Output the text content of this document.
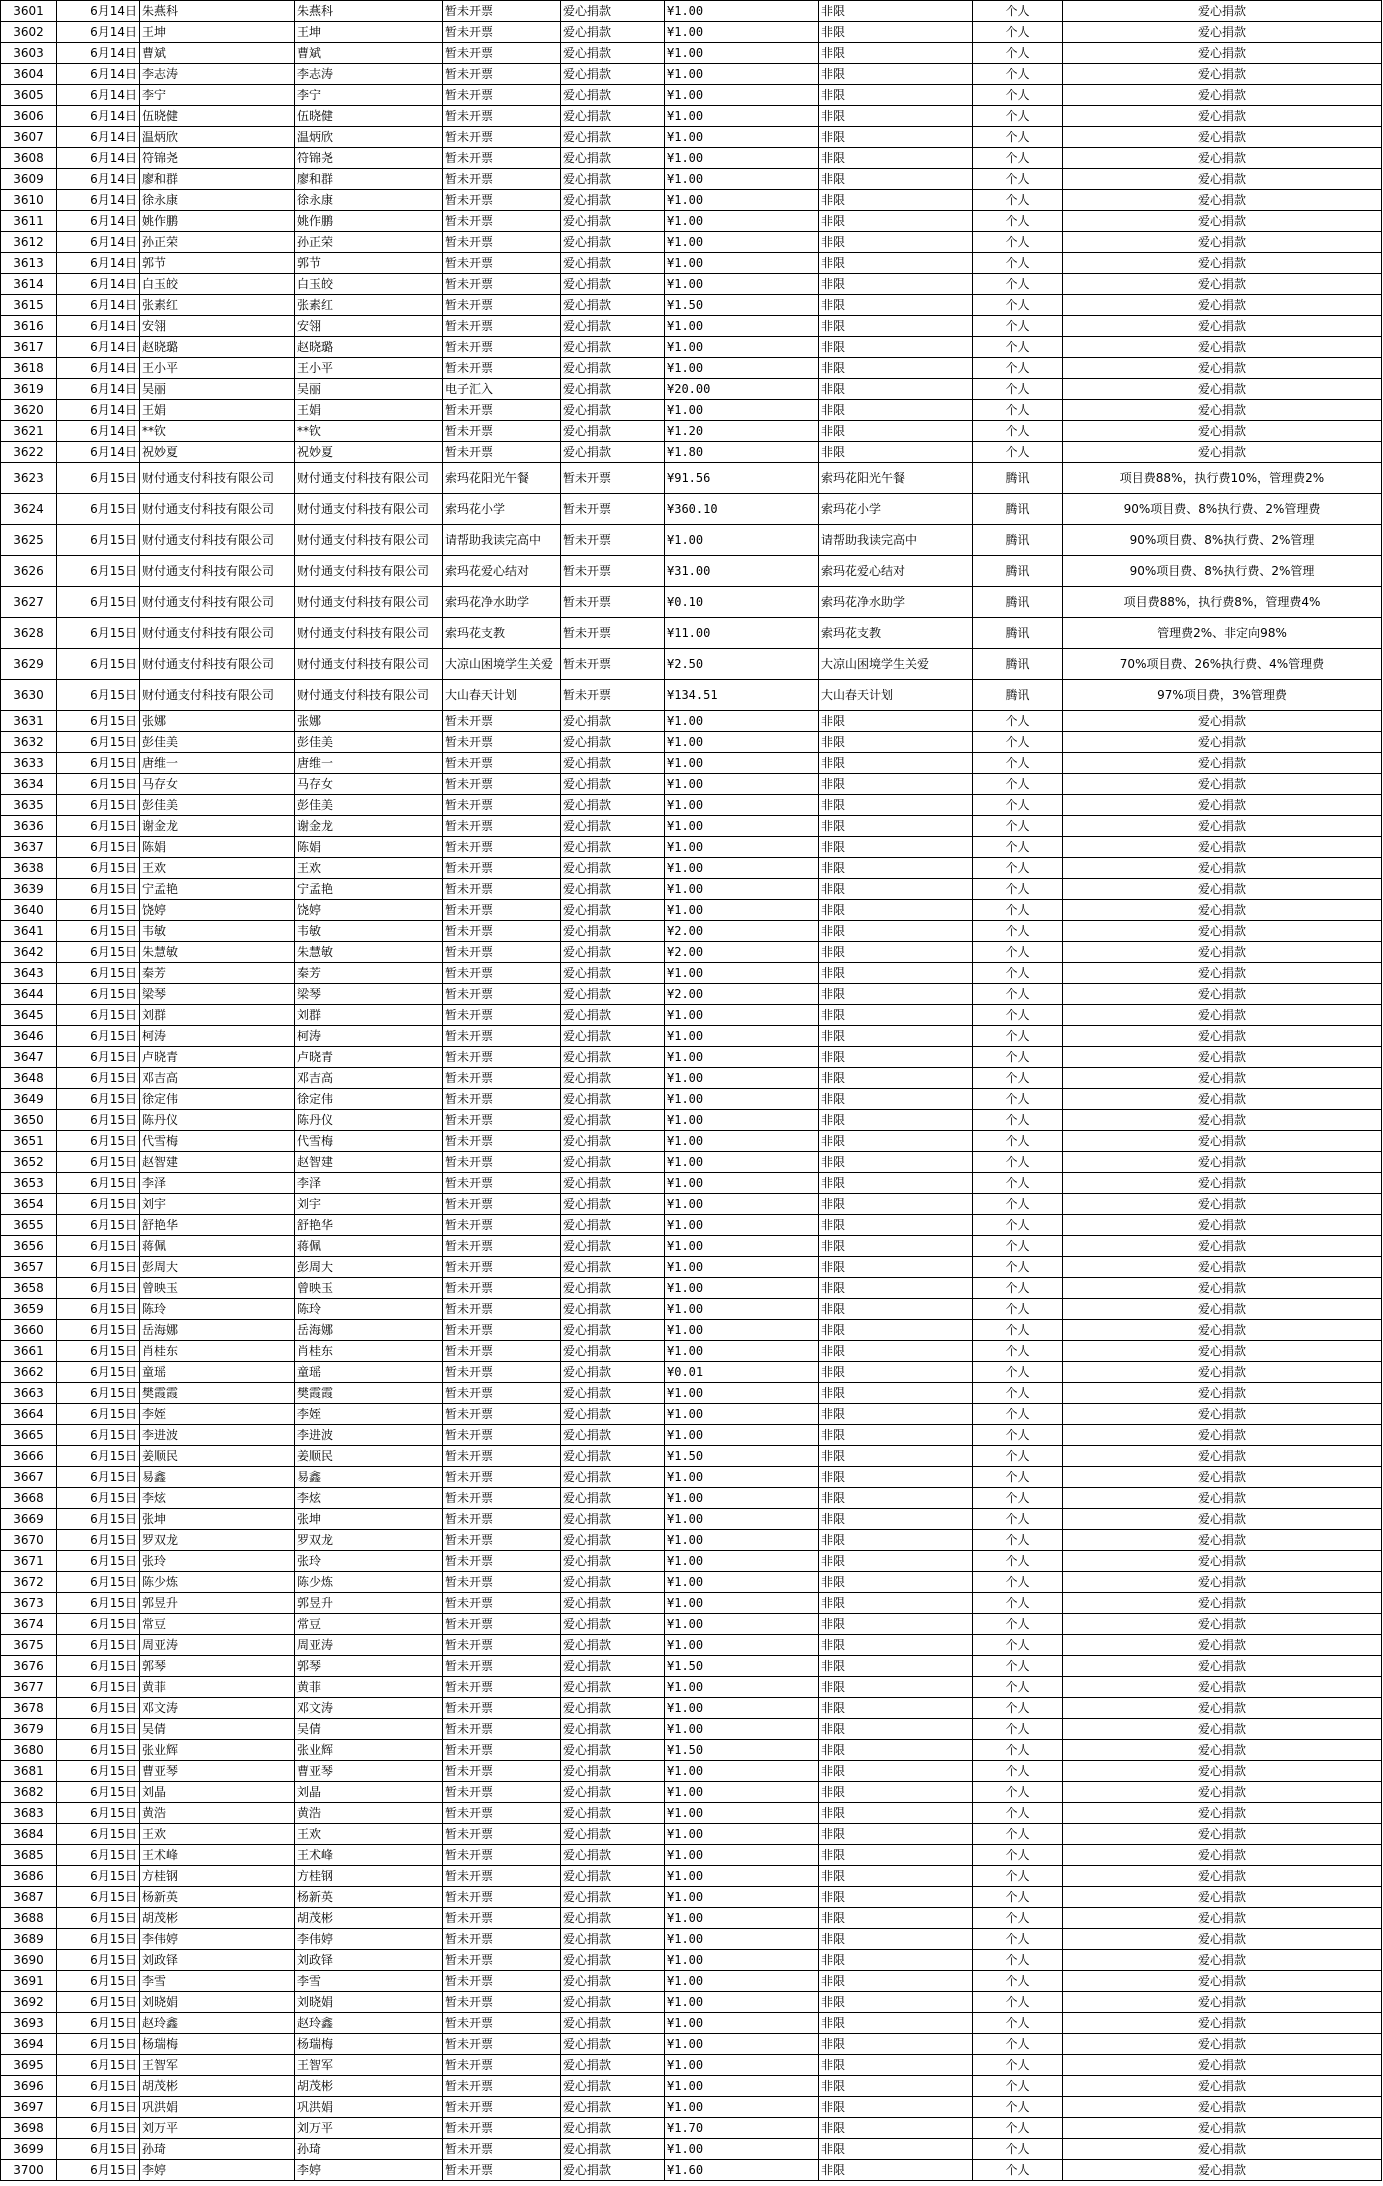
3601	6月14日	朱燕科	朱燕科	暂未开票	爱心捐款	¥1.00	非限	个人	爱心捐款
3602	6月14日	王坤	王坤	暂未开票	爱心捐款	¥1.00	非限	个人	爱心捐款
3603	6月14日	曹斌	曹斌	暂未开票	爱心捐款	¥1.00	非限	个人	爱心捐款
3604	6月14日	李志涛	李志涛	暂未开票	爱心捐款	¥1.00	非限	个人	爱心捐款
3605	6月14日	李宁	李宁	暂未开票	爱心捐款	¥1.00	非限	个人	爱心捐款
3606	6月14日	伍晓健	伍晓健	暂未开票	爱心捐款	¥1.00	非限	个人	爱心捐款
3607	6月14日	温炳欣	温炳欣	暂未开票	爱心捐款	¥1.00	非限	个人	爱心捐款
3608	6月14日	符锦尧	符锦尧	暂未开票	爱心捐款	¥1.00	非限	个人	爱心捐款
3609	6月14日	廖和群	廖和群	暂未开票	爱心捐款	¥1.00	非限	个人	爱心捐款
3610	6月14日	徐永康	徐永康	暂未开票	爱心捐款	¥1.00	非限	个人	爱心捐款
3611	6月14日	姚作鹏	姚作鹏	暂未开票	爱心捐款	¥1.00	非限	个人	爱心捐款
3612	6月14日	孙正荣	孙正荣	暂未开票	爱心捐款	¥1.00	非限	个人	爱心捐款
3613	6月14日	郭节	郭节	暂未开票	爱心捐款	¥1.00	非限	个人	爱心捐款
3614	6月14日	白玉皎	白玉皎	暂未开票	爱心捐款	¥1.00	非限	个人	爱心捐款
3615	6月14日	张素红	张素红	暂未开票	爱心捐款	¥1.50	非限	个人	爱心捐款
3616	6月14日	安翎	安翎	暂未开票	爱心捐款	¥1.00	非限	个人	爱心捐款
3617	6月14日	赵晓璐	赵晓璐	暂未开票	爱心捐款	¥1.00	非限	个人	爱心捐款
3618	6月14日	王小平	王小平	暂未开票	爱心捐款	¥1.00	非限	个人	爱心捐款
3619	6月14日	吴丽	吴丽	电子汇入	爱心捐款	¥20.00	非限	个人	爱心捐款
3620	6月14日	王娟	王娟	暂未开票	爱心捐款	¥1.00	非限	个人	爱心捐款
3621	6月14日	**钦	**钦	暂未开票	爱心捐款	¥1.20	非限	个人	爱心捐款
3622	6月14日	祝妙夏	祝妙夏	暂未开票	爱心捐款	¥1.80	非限	个人	爱心捐款
3623	6月15日	财付通支付科技有限公司	财付通支付科技有限公司	索玛花阳光午餐	暂未开票	¥91.56	索玛花阳光午餐	腾讯	项目费88%，执行费10%，管理费2%
3624	6月15日	财付通支付科技有限公司	财付通支付科技有限公司	索玛花小学	暂未开票	¥360.10	索玛花小学	腾讯	90%项目费、8%执行费、2%管理费
3625	6月15日	财付通支付科技有限公司	财付通支付科技有限公司	请帮助我读完高中	暂未开票	¥1.00	请帮助我读完高中	腾讯	90%项目费、8%执行费、2%管理
3626	6月15日	财付通支付科技有限公司	财付通支付科技有限公司	索玛花爱心结对	暂未开票	¥31.00	索玛花爱心结对	腾讯	90%项目费、8%执行费、2%管理
3627	6月15日	财付通支付科技有限公司	财付通支付科技有限公司	索玛花净水助学	暂未开票	¥0.10	索玛花净水助学	腾讯	项目费88%，执行费8%，管理费4%
3628	6月15日	财付通支付科技有限公司	财付通支付科技有限公司	索玛花支教	暂未开票	¥11.00	索玛花支教	腾讯	管理费2%、非定向98%
3629	6月15日	财付通支付科技有限公司	财付通支付科技有限公司	大凉山困境学生关爱	暂未开票	¥2.50	大凉山困境学生关爱	腾讯	70%项目费、26%执行费、4%管理费
3630	6月15日	财付通支付科技有限公司	财付通支付科技有限公司	大山春天计划	暂未开票	¥134.51	大山春天计划	腾讯	97%项目费，3%管理费
3631	6月15日	张娜	张娜	暂未开票	爱心捐款	¥1.00	非限	个人	爱心捐款
3632	6月15日	彭佳美	彭佳美	暂未开票	爱心捐款	¥1.00	非限	个人	爱心捐款
3633	6月15日	唐维一	唐维一	暂未开票	爱心捐款	¥1.00	非限	个人	爱心捐款
3634	6月15日	马存女	马存女	暂未开票	爱心捐款	¥1.00	非限	个人	爱心捐款
3635	6月15日	彭佳美	彭佳美	暂未开票	爱心捐款	¥1.00	非限	个人	爱心捐款
3636	6月15日	谢金龙	谢金龙	暂未开票	爱心捐款	¥1.00	非限	个人	爱心捐款
3637	6月15日	陈娟	陈娟	暂未开票	爱心捐款	¥1.00	非限	个人	爱心捐款
3638	6月15日	王欢	王欢	暂未开票	爱心捐款	¥1.00	非限	个人	爱心捐款
3639	6月15日	宁孟艳	宁孟艳	暂未开票	爱心捐款	¥1.00	非限	个人	爱心捐款
3640	6月15日	饶婷	饶婷	暂未开票	爱心捐款	¥1.00	非限	个人	爱心捐款
3641	6月15日	韦敏	韦敏	暂未开票	爱心捐款	¥2.00	非限	个人	爱心捐款
3642	6月15日	朱慧敏	朱慧敏	暂未开票	爱心捐款	¥2.00	非限	个人	爱心捐款
3643	6月15日	秦芳	秦芳	暂未开票	爱心捐款	¥1.00	非限	个人	爱心捐款
3644	6月15日	梁琴	梁琴	暂未开票	爱心捐款	¥2.00	非限	个人	爱心捐款
3645	6月15日	刘群	刘群	暂未开票	爱心捐款	¥1.00	非限	个人	爱心捐款
3646	6月15日	柯涛	柯涛	暂未开票	爱心捐款	¥1.00	非限	个人	爱心捐款
3647	6月15日	卢晓青	卢晓青	暂未开票	爱心捐款	¥1.00	非限	个人	爱心捐款
3648	6月15日	邓吉高	邓吉高	暂未开票	爱心捐款	¥1.00	非限	个人	爱心捐款
3649	6月15日	徐定伟	徐定伟	暂未开票	爱心捐款	¥1.00	非限	个人	爱心捐款
3650	6月15日	陈丹仪	陈丹仪	暂未开票	爱心捐款	¥1.00	非限	个人	爱心捐款
3651	6月15日	代雪梅	代雪梅	暂未开票	爱心捐款	¥1.00	非限	个人	爱心捐款
3652	6月15日	赵智建	赵智建	暂未开票	爱心捐款	¥1.00	非限	个人	爱心捐款
3653	6月15日	李泽	李泽	暂未开票	爱心捐款	¥1.00	非限	个人	爱心捐款
3654	6月15日	刘宇	刘宇	暂未开票	爱心捐款	¥1.00	非限	个人	爱心捐款
3655	6月15日	舒艳华	舒艳华	暂未开票	爱心捐款	¥1.00	非限	个人	爱心捐款
3656	6月15日	蒋佩	蒋佩	暂未开票	爱心捐款	¥1.00	非限	个人	爱心捐款
3657	6月15日	彭周大	彭周大	暂未开票	爱心捐款	¥1.00	非限	个人	爱心捐款
3658	6月15日	曾映玉	曾映玉	暂未开票	爱心捐款	¥1.00	非限	个人	爱心捐款
3659	6月15日	陈玲	陈玲	暂未开票	爱心捐款	¥1.00	非限	个人	爱心捐款
3660	6月15日	岳海娜	岳海娜	暂未开票	爱心捐款	¥1.00	非限	个人	爱心捐款
3661	6月15日	肖桂东	肖桂东	暂未开票	爱心捐款	¥1.00	非限	个人	爱心捐款
3662	6月15日	童瑶	童瑶	暂未开票	爱心捐款	¥0.01	非限	个人	爱心捐款
3663	6月15日	樊霞霞	樊霞霞	暂未开票	爱心捐款	¥1.00	非限	个人	爱心捐款
3664	6月15日	李姪	李姪	暂未开票	爱心捐款	¥1.00	非限	个人	爱心捐款
3665	6月15日	李进波	李进波	暂未开票	爱心捐款	¥1.00	非限	个人	爱心捐款
3666	6月15日	姜顺民	姜顺民	暂未开票	爱心捐款	¥1.50	非限	个人	爱心捐款
3667	6月15日	易鑫	易鑫	暂未开票	爱心捐款	¥1.00	非限	个人	爱心捐款
3668	6月15日	李炫	李炫	暂未开票	爱心捐款	¥1.00	非限	个人	爱心捐款
3669	6月15日	张坤	张坤	暂未开票	爱心捐款	¥1.00	非限	个人	爱心捐款
3670	6月15日	罗双龙	罗双龙	暂未开票	爱心捐款	¥1.00	非限	个人	爱心捐款
3671	6月15日	张玲	张玲	暂未开票	爱心捐款	¥1.00	非限	个人	爱心捐款
3672	6月15日	陈少炼	陈少炼	暂未开票	爱心捐款	¥1.00	非限	个人	爱心捐款
3673	6月15日	郭昱升	郭昱升	暂未开票	爱心捐款	¥1.00	非限	个人	爱心捐款
3674	6月15日	常豆	常豆	暂未开票	爱心捐款	¥1.00	非限	个人	爱心捐款
3675	6月15日	周亚涛	周亚涛	暂未开票	爱心捐款	¥1.00	非限	个人	爱心捐款
3676	6月15日	郭琴	郭琴	暂未开票	爱心捐款	¥1.50	非限	个人	爱心捐款
3677	6月15日	黄菲	黄菲	暂未开票	爱心捐款	¥1.00	非限	个人	爱心捐款
3678	6月15日	邓文涛	邓文涛	暂未开票	爱心捐款	¥1.00	非限	个人	爱心捐款
3679	6月15日	吴倩	吴倩	暂未开票	爱心捐款	¥1.00	非限	个人	爱心捐款
3680	6月15日	张业辉	张业辉	暂未开票	爱心捐款	¥1.50	非限	个人	爱心捐款
3681	6月15日	曹亚琴	曹亚琴	暂未开票	爱心捐款	¥1.00	非限	个人	爱心捐款
3682	6月15日	刘晶	刘晶	暂未开票	爱心捐款	¥1.00	非限	个人	爱心捐款
3683	6月15日	黄浩	黄浩	暂未开票	爱心捐款	¥1.00	非限	个人	爱心捐款
3684	6月15日	王欢	王欢	暂未开票	爱心捐款	¥1.00	非限	个人	爱心捐款
3685	6月15日	王术峰	王术峰	暂未开票	爱心捐款	¥1.00	非限	个人	爱心捐款
3686	6月15日	方桂钢	方桂钢	暂未开票	爱心捐款	¥1.00	非限	个人	爱心捐款
3687	6月15日	杨新英	杨新英	暂未开票	爱心捐款	¥1.00	非限	个人	爱心捐款
3688	6月15日	胡茂彬	胡茂彬	暂未开票	爱心捐款	¥1.00	非限	个人	爱心捐款
3689	6月15日	李伟婷	李伟婷	暂未开票	爱心捐款	¥1.00	非限	个人	爱心捐款
3690	6月15日	刘政铎	刘政铎	暂未开票	爱心捐款	¥1.00	非限	个人	爱心捐款
3691	6月15日	李雪	李雪	暂未开票	爱心捐款	¥1.00	非限	个人	爱心捐款
3692	6月15日	刘晓娟	刘晓娟	暂未开票	爱心捐款	¥1.00	非限	个人	爱心捐款
3693	6月15日	赵玲鑫	赵玲鑫	暂未开票	爱心捐款	¥1.00	非限	个人	爱心捐款
3694	6月15日	杨瑞梅	杨瑞梅	暂未开票	爱心捐款	¥1.00	非限	个人	爱心捐款
3695	6月15日	王智军	王智军	暂未开票	爱心捐款	¥1.00	非限	个人	爱心捐款
3696	6月15日	胡茂彬	胡茂彬	暂未开票	爱心捐款	¥1.00	非限	个人	爱心捐款
3697	6月15日	巩洪娟	巩洪娟	暂未开票	爱心捐款	¥1.00	非限	个人	爱心捐款
3698	6月15日	刘万平	刘万平	暂未开票	爱心捐款	¥1.70	非限	个人	爱心捐款
3699	6月15日	孙琦	孙琦	暂未开票	爱心捐款	¥1.00	非限	个人	爱心捐款
3700	6月15日	李婷	李婷	暂未开票	爱心捐款	¥1.60	非限	个人	爱心捐款
